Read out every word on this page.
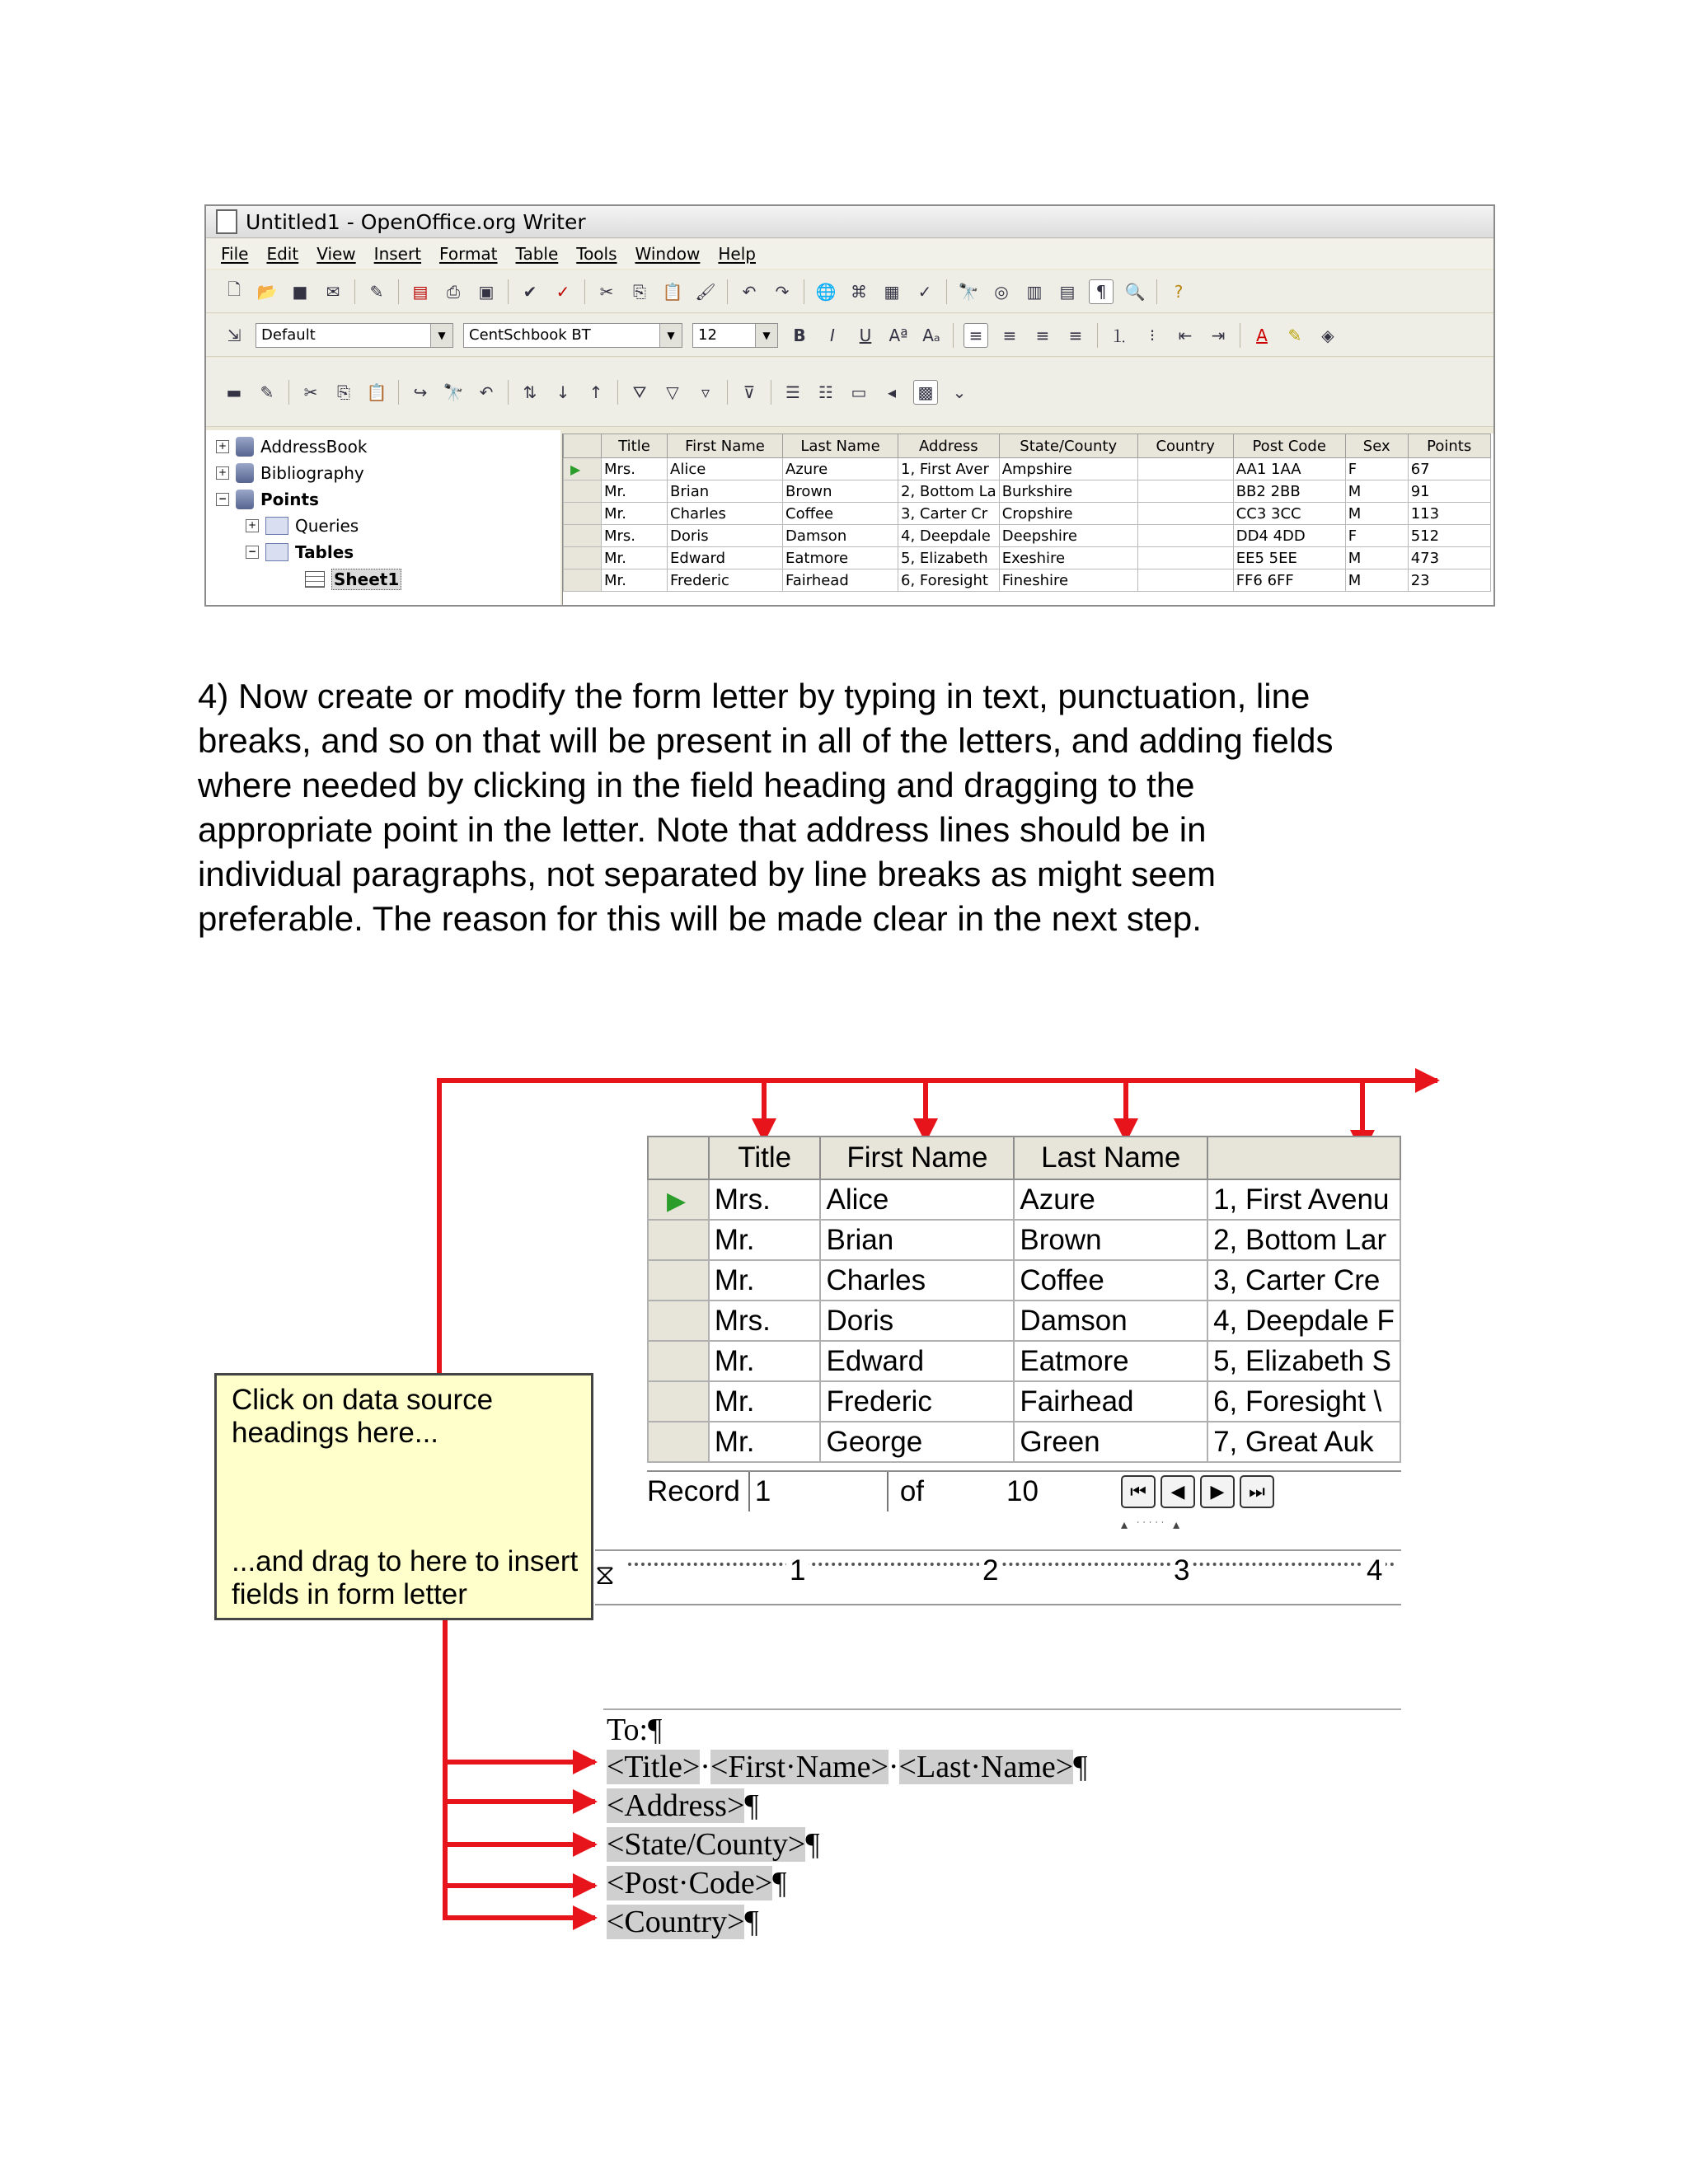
Untitled1 - OpenOffice.org Writer
File Edit View Insert Format Table Tools Window Help
🗋 📂 ■ ✉ ✎ ▤	⎙	▣ ✔ ✓ ✂	⎘ 📋 🖌 ↶ ↷ 🌐 ⌘ ▦ ✓ 🔭 ◎ ▥ ▤	¶	🔍	?
⇲	Default	▼	CentSchbook BT	▼	12	▼	B	I	U	Aª Aₐ	≡	≡ ≡ ≡ ⒈	⁝	⇤ ⇥	A	✎	◈
▬ ✎ ✂	⎘ 📋 ↪ 🔭 ↶ ⇅ ↓ ↑ ⛛	▽	▿	⊽	☰ ☷ ▭	◂	▩ ⌄
+ AddressBook
+ Bibliography
− Points
+ Queries
− Tables
Sheet1
	Title	First Name	Last Name	Address	State/County	Country	Post Code	Sex	Points
▶	Mrs.	Alice	Azure	1, First Aver	Ampshire		AA1 1AA	F	67
	Mr.	Brian	Brown	2, Bottom La	Burkshire		BB2 2BB	M	91
	Mr.	Charles	Coffee	3, Carter Cr	Cropshire		CC3 3CC	M	113
	Mrs.	Doris	Damson	4, Deepdale	Deepshire		DD4 4DD	F	512
	Mr.	Edward	Eatmore	5, Elizabeth	Exeshire		EE5 5EE	M	473
	Mr.	Frederic	Fairhead	6, Foresight	Fineshire		FF6 6FF	M	23

4) Now create or modify the form letter by typing in text, punctuation, line breaks, and so on that will be present in all of the letters, and adding fields where needed by clicking in the field heading and dragging to the appropriate point in the letter. Note that address lines should be in individual paragraphs, not separated by line breaks as might seem preferable. The reason for this will be made clear in the next step.

		Title	First Name	Last Name	
	▶	Mrs.	Alice	Azure	1, First Avenu
		Mr.	Brian	Brown	2, Bottom Lar
		Mr.	Charles	Coffee	3, Carter Cre
		Mrs.	Doris	Damson	4, Deepdale F
		Mr.	Edward	Eatmore	5, Elizabeth S
		Mr.	Frederic	Fairhead	6, Foresight \
		Mr.	George	Green	7, Great Auk
Record 1	of	10	⏮	◀	▶	⏭
▴ ˑˑˑˑˑ ▴
⧖	1	2	3	4
Click on data source headings here...
...and drag to here to insert fields in form letter
To:¶
<Title>·<First·Name>·<Last·Name>¶
<Address>¶
<State/County>¶
<Post·Code>¶
<Country>¶
